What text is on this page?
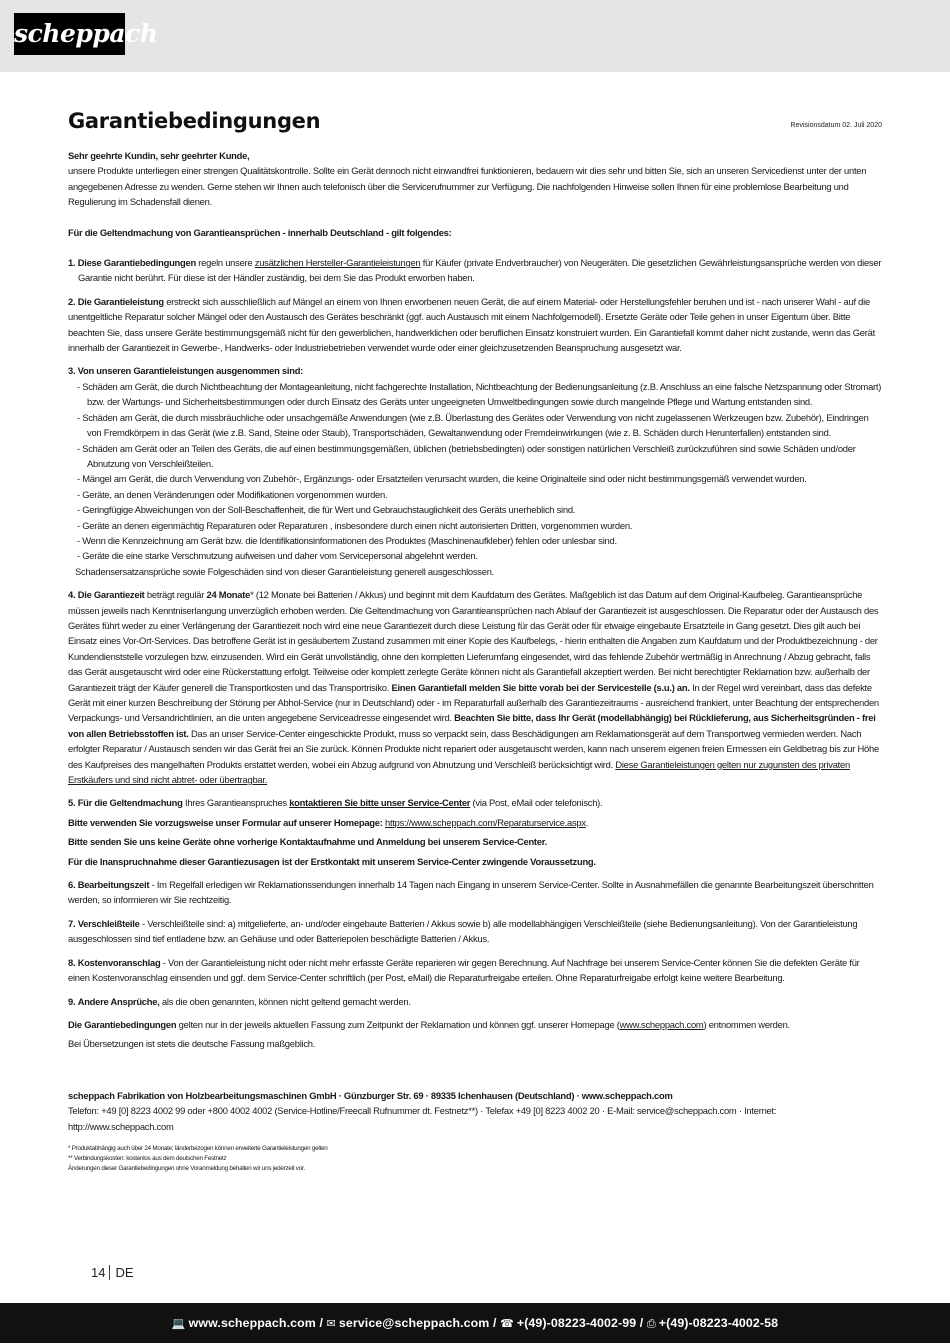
scheppach
Garantiebedingungen	Revisionsdatum 02. Juli 2020

Sehr geehrte Kundin, sehr geehrter Kunde,

unsere Produkte unterliegen einer strengen Qualitätskontrolle. Sollte ein Gerät dennoch nicht einwandfrei funktionieren, bedauern wir dies sehr und bitten Sie, sich an unseren Servicedienst unter der unten angegebenen Adresse zu wenden. Gerne stehen wir Ihnen auch telefonisch über die Servicerufnummer zur Verfügung. Die nachfolgenden Hinweise sollen Ihnen für eine problemlose Bearbeitung und Regulierung im Schadensfall dienen.

Für die Geltendmachung von Garantieansprüchen - innerhalb Deutschland - gilt folgendes:

1. Diese Garantiebedingungen regeln unsere zusätzlichen Hersteller-Garantieleistungen für Käufer (private Endverbraucher) von Neugeräten. Die gesetzlichen Gewährleistungsansprüche werden von dieser Garantie nicht berührt. Für diese ist der Händler zuständig, bei dem Sie das Produkt erworben haben.

2. Die Garantieleistung erstreckt sich ausschließlich auf Mängel an einem von Ihnen erworbenen neuen Gerät, die auf einem Material- oder Herstellungsfehler beruhen und ist - nach unserer Wahl - auf die unentgeltliche Reparatur solcher Mängel oder den Austausch des Gerätes beschränkt (ggf. auch Austausch mit einem Nachfolgemodell). Ersetzte Geräte oder Teile gehen in unser Eigentum über. Bitte beachten Sie, dass unsere Geräte bestimmungsgemäß nicht für den gewerblichen, handwerklichen oder beruflichen Einsatz konstruiert wurden. Ein Garantiefall kommt daher nicht zustande, wenn das Gerät innerhalb der Garantiezeit in Gewerbe-, Handwerks- oder Industriebetrieben verwendet wurde oder einer gleichzusetzenden Beanspruchung ausgesetzt war.

3. Von unseren Garantieleistungen ausgenommen sind:

- Schäden am Gerät, die durch Nichtbeachtung der Montageanleitung, nicht fachgerechte Installation, Nichtbeachtung der Bedienungsanleitung (z.B. Anschluss an eine falsche Netzspannung oder Stromart) bzw. der Wartungs- und Sicherheitsbestimmungen oder durch Einsatz des Geräts unter ungeeigneten Umweltbedingungen sowie durch mangelnde Pflege und Wartung entstanden sind.
- Schäden am Gerät, die durch missbräuchliche oder unsachgemäße Anwendungen (wie z.B. Überlastung des Gerätes oder Verwendung von nicht zugelassenen Werkzeugen bzw. Zubehör), Eindringen von Fremdkörpern in das Gerät (wie z.B. Sand, Steine oder Staub), Transportschäden, Gewaltanwendung oder Fremdeinwirkungen (wie z. B. Schäden durch Herunterfallen) entstanden sind.
- Schäden am Gerät oder an Teilen des Geräts, die auf einen bestimmungsgemäßen, üblichen (betriebsbedingten) oder sonstigen natürlichen Verschleiß zurückzuführen sind sowie Schäden und/oder Abnutzung von Verschleißteilen.
- Mängel am Gerät, die durch Verwendung von Zubehör-, Ergänzungs- oder Ersatzteilen verursacht wurden, die keine Originalteile sind oder nicht bestimmungsgemäß verwendet wurden.
- Geräte, an denen Veränderungen oder Modifikationen vorgenommen wurden.
- Geringfügige Abweichungen von der Soll-Beschaffenheit, die für Wert und Gebrauchstauglichkeit des Geräts unerheblich sind.
- Geräte an denen eigenmächtig Reparaturen oder Reparaturen , insbesondere durch einen nicht autorisierten Dritten, vorgenommen wurden.
- Wenn die Kennzeichnung am Gerät bzw. die Identifikationsinformationen des Produktes (Maschinenaufkleber) fehlen oder unlesbar sind.
- Geräte die eine starke Verschmutzung aufweisen und daher vom Servicepersonal abgelehnt werden.

Schadensersatzansprüche sowie Folgeschäden sind von dieser Garantieleistung generell ausgeschlossen.

4. Die Garantiezeit beträgt regulär 24 Monate* (12 Monate bei Batterien / Akkus) und beginnt mit dem Kaufdatum des Gerätes. Maßgeblich ist das Datum auf dem Original-Kaufbeleg. Garantieansprüche müssen jeweils nach Kenntniserlangung unverzüglich erhoben werden. Die Geltendmachung von Garantieansprüchen nach Ablauf der Garantiezeit ist ausgeschlossen. Die Reparatur oder der Austausch des Gerätes führt weder zu einer Verlängerung der Garantiezeit noch wird eine neue Garantiezeit durch diese Leistung für das Gerät oder für etwaige eingebaute Ersatzteile in Gang gesetzt. Dies gilt auch bei Einsatz eines Vor-Ort-Services. Das betroffene Gerät ist in gesäubertem Zustand zusammen mit einer Kopie des Kaufbelegs, - hierin enthalten die Angaben zum Kaufdatum und der Produktbezeichnung - der Kundendienststelle vorzulegen bzw. einzusenden. Wird ein Gerät unvollständig, ohne den kompletten Lieferumfang eingesendet, wird das fehlende Zubehör wertmäßig in Anrechnung / Abzug gebracht, falls das Gerät ausgetauscht wird oder eine Rückerstattung erfolgt. Teilweise oder komplett zerlegte Geräte können nicht als Garantiefall akzeptiert werden. Bei nicht berechtigter Reklamation bzw. außerhalb der Garantiezeit trägt der Käufer generell die Transportkosten und das Transportrisiko. Einen Garantiefall melden Sie bitte vorab bei der Servicestelle (s.u.) an. In der Regel wird vereinbart, dass das defekte Gerät mit einer kurzen Beschreibung der Störung per Abhol-Service (nur in Deutschland) oder - im Reparaturfall außerhalb des Garantiezeitraums - ausreichend frankiert, unter Beachtung der entsprechenden Verpackungs- und Versandrichtlinien, an die unten angegebene Serviceadresse eingesendet wird. Beachten Sie bitte, dass Ihr Gerät (modellabhängig) bei Rücklieferung, aus Sicherheitsgründen - frei von allen Betriebsstoffen ist. Das an unser Service-Center eingeschickte Produkt, muss so verpackt sein, dass Beschädigungen am Reklamationsgerät auf dem Transportweg vermieden werden. Nach erfolgter Reparatur / Austausch senden wir das Gerät frei an Sie zurück. Können Produkte nicht repariert oder ausgetauscht werden, kann nach unserem eigenen freien Ermessen ein Geldbetrag bis zur Höhe des Kaufpreises des mangelhaften Produkts erstattet werden, wobei ein Abzug aufgrund von Abnutzung und Verschleiß berücksichtigt wird. Diese Garantieleistungen gelten nur zugunsten des privaten Erstkäufers und sind nicht abtret- oder übertragbar.

5. Für die Geltendmachung Ihres Garantieanspruches kontaktieren Sie bitte unser Service-Center (via Post, eMail oder telefonisch).

Bitte verwenden Sie vorzugsweise unser Formular auf unserer Homepage: https://www.scheppach.com/Reparaturservice.aspx.

Bitte senden Sie uns keine Geräte ohne vorherige Kontaktaufnahme und Anmeldung bei unserem Service-Center.

Für die Inanspruchnahme dieser Garantiezusagen ist der Erstkontakt mit unserem Service-Center zwingende Voraussetzung.

6. Bearbeitungszeit - Im Regelfall erledigen wir Reklamationssendungen innerhalb 14 Tagen nach Eingang in unserem Service-Center. Sollte in Ausnahmefällen die genannte Bearbeitungszeit überschritten werden, so informieren wir Sie rechtzeitig.

7. Verschleißteile - Verschleißteile sind: a) mitgelieferte, an- und/oder eingebaute Batterien / Akkus sowie b) alle modellabhängigen Verschleißteile (siehe Bedienungsanleitung). Von der Garantieleistung ausgeschlossen sind tief entladene bzw. an Gehäuse und oder Batteriepolen beschädigte Batterien / Akkus.

8. Kostenvoranschlag - Von der Garantieleistung nicht oder nicht mehr erfasste Geräte reparieren wir gegen Berechnung. Auf Nachfrage bei unserem Service-Center können Sie die defekten Geräte für einen Kostenvoranschlag einsenden und ggf. dem Service-Center schriftlich (per Post, eMail) die Reparaturfreigabe erteilen. Ohne Reparaturfreigabe erfolgt keine weitere Bearbeitung.

9. Andere Ansprüche, als die oben genannten, können nicht geltend gemacht werden.

Die Garantiebedingungen gelten nur in der jeweils aktuellen Fassung zum Zeitpunkt der Reklamation und können ggf. unserer Homepage (www.scheppach.com) entnommen werden.

Bei Übersetzungen ist stets die deutsche Fassung maßgeblich.

scheppach Fabrikation von Holzbearbeitungsmaschinen GmbH · Günzburger Str. 69 · 89335 Ichenhausen (Deutschland) · www.scheppach.com

Telefon: +49 [0] 8223 4002 99 oder +800 4002 4002 (Service-Hotline/Freecall Rufnummer dt. Festnetz**) · Telefax +49 [0] 8223 4002 20 · E-Mail: service@scheppach.com · Internet: http://www.scheppach.com

* Produktabhängig auch über 24 Monate; länderbezogen können erweiterte Garantieleistungen gelten
** Verbindungskosten: kostenlos aus dem deutschen Festnetz
Änderungen dieser Garantiebedingungen ohne Voranmeldung behalten wir uns jederzeit vor.
14 DE
💻 www.scheppach.com / ✉ service@scheppach.com / ☎ +(49)-08223-4002-99 / ⎙ +(49)-08223-4002-58
